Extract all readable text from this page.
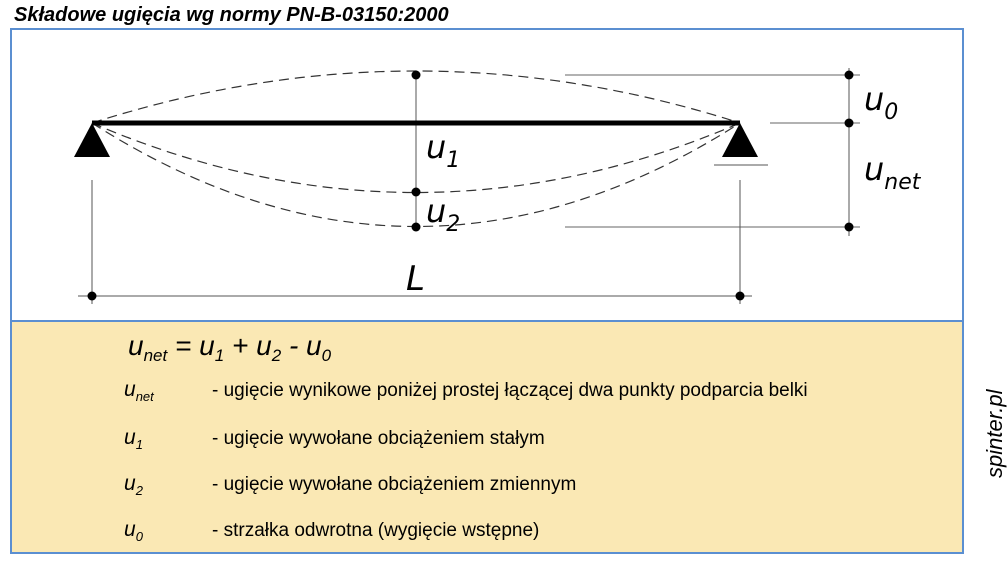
Składowe ugięcia wg normy PN-B-03150:2000
$u_0$
$u_{net}$
$u_1$
$u_2$
L
$u_{net} = u_1 + u_2 - u_0$
$u_{net}$	- ugięcie wynikowe poniżej prostej łączącej dwa punkty podparcia belki
$u_1$	- ugięcie wywołane obciążeniem stałym
$u_2$	- ugięcie wywołane obciążeniem zmiennym
$u_0$	- strzałka odwrotna (wygięcie wstępne)
spinter.pl
